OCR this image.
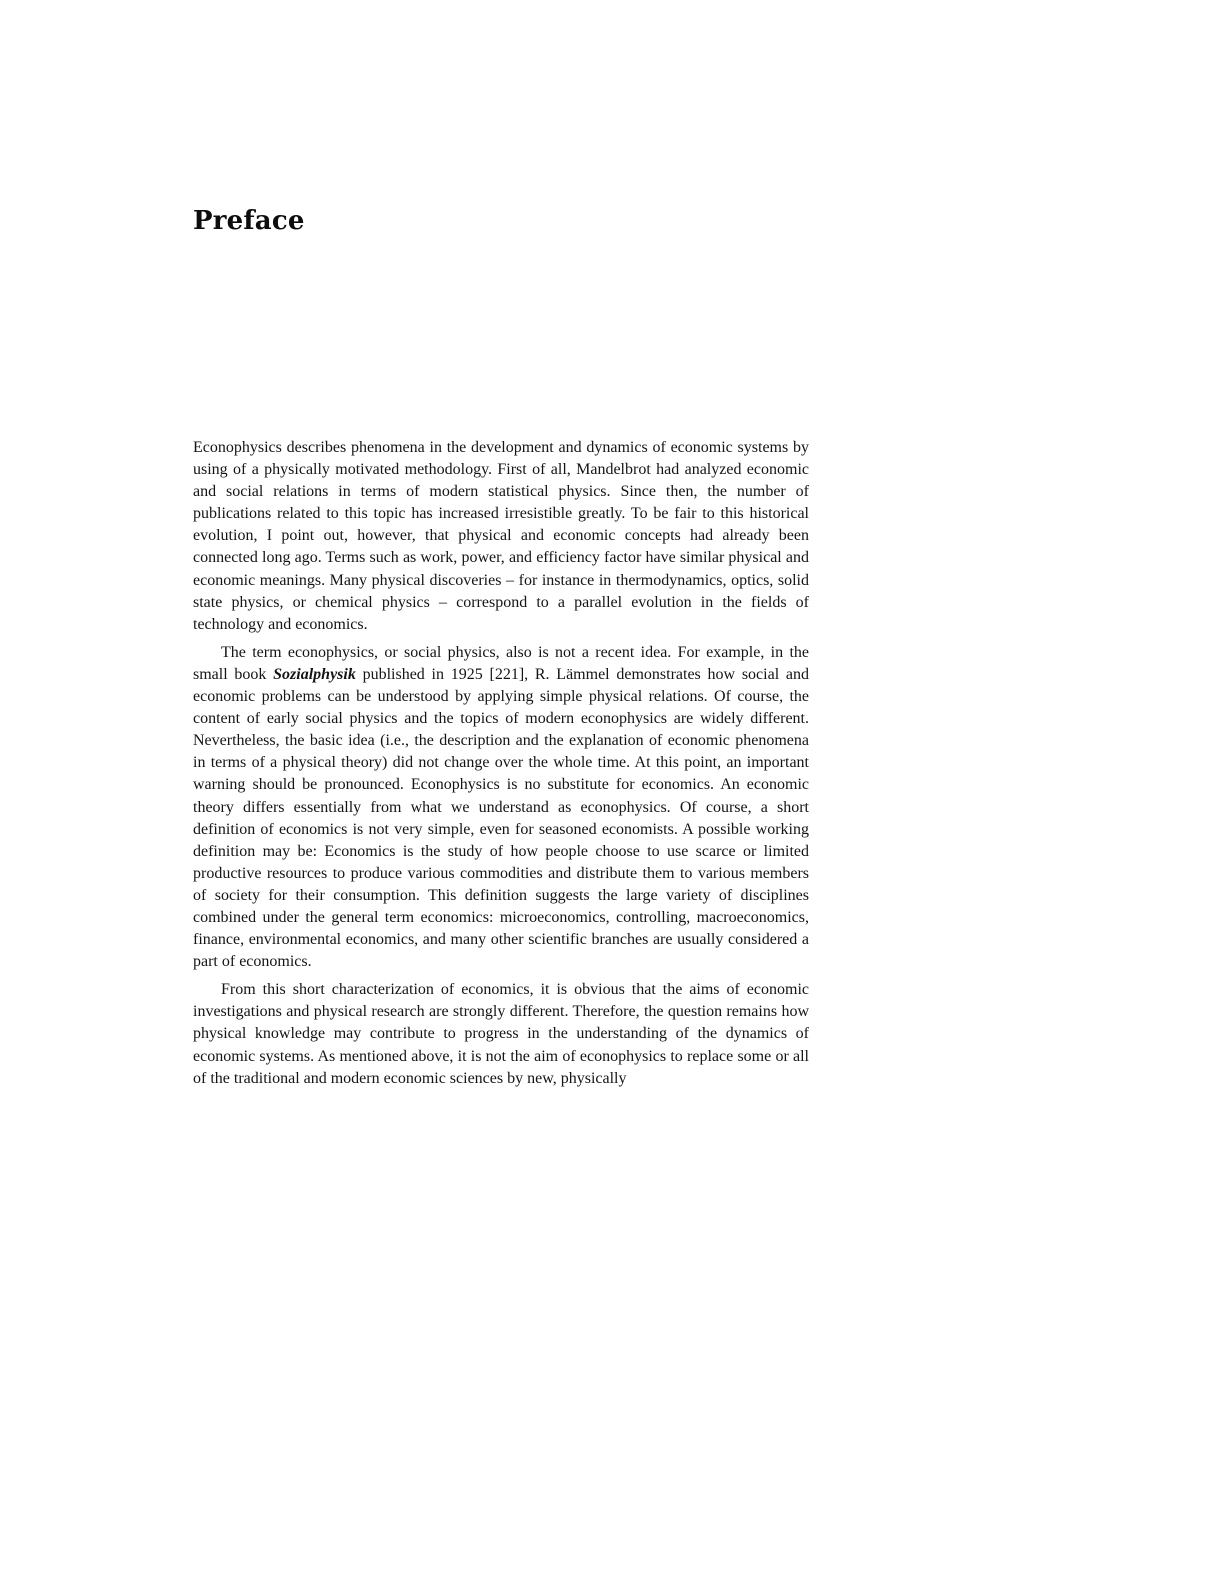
Preface

Econophysics describes phenomena in the development and dynamics of economic systems by using of a physically motivated methodology. First of all, Mandelbrot had analyzed economic and social relations in terms of modern statistical physics. Since then, the number of publications related to this topic has increased irresistible greatly. To be fair to this historical evolution, I point out, however, that physical and economic concepts had already been connected long ago. Terms such as work, power, and efficiency factor have similar physical and economic meanings. Many physical discoveries – for instance in thermodynamics, optics, solid state physics, or chemical physics – correspond to a parallel evolution in the fields of technology and economics.

The term econophysics, or social physics, also is not a recent idea. For example, in the small book Sozialphysik published in 1925 [221], R. Lämmel demonstrates how social and economic problems can be understood by applying simple physical relations. Of course, the content of early social physics and the topics of modern econophysics are widely different. Nevertheless, the basic idea (i.e., the description and the explanation of economic phenomena in terms of a physical theory) did not change over the whole time. At this point, an important warning should be pronounced. Econophysics is no substitute for economics. An economic theory differs essentially from what we understand as econophysics. Of course, a short definition of economics is not very simple, even for seasoned economists. A possible working definition may be: Economics is the study of how people choose to use scarce or limited productive resources to produce various commodities and distribute them to various members of society for their consumption. This definition suggests the large variety of disciplines combined under the general term economics: microeconomics, controlling, macroeconomics, finance, environmental economics, and many other scientific branches are usually considered a part of economics.

From this short characterization of economics, it is obvious that the aims of economic investigations and physical research are strongly different. Therefore, the question remains how physical knowledge may contribute to progress in the understanding of the dynamics of economic systems. As mentioned above, it is not the aim of econophysics to replace some or all of the traditional and modern economic sciences by new, physically
